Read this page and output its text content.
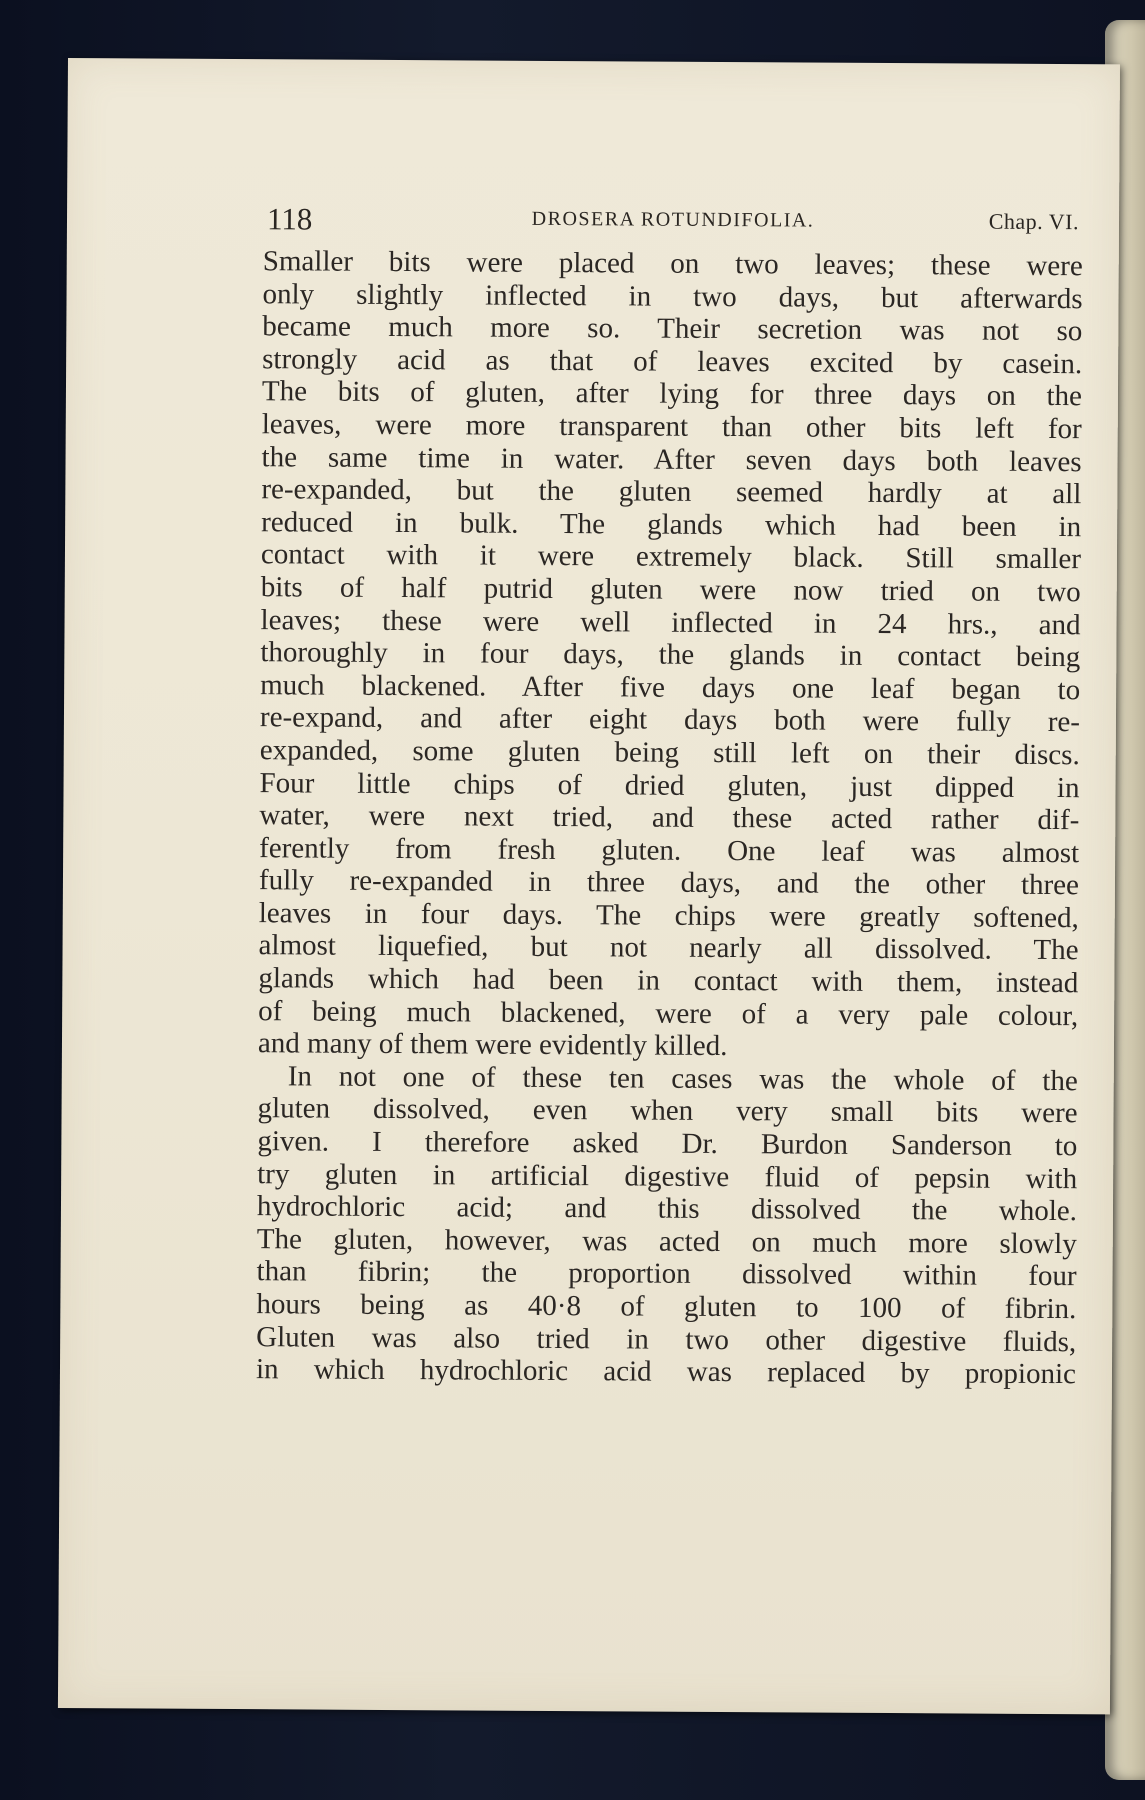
118	DROSERA ROTUNDIFOLIA.	Chap. VI.
Smaller bits were placed on two leaves; these were
only slightly inflected in two days, but afterwards
became much more so. Their secretion was not so
strongly acid as that of leaves excited by casein.
The bits of gluten, after lying for three days on the
leaves, were more transparent than other bits left for
the same time in water. After seven days both leaves
re-expanded, but the gluten seemed hardly at all
reduced in bulk. The glands which had been in
contact with it were extremely black. Still smaller
bits of half putrid gluten were now tried on two
leaves; these were well inflected in 24 hrs., and
thoroughly in four days, the glands in contact being
much blackened. After five days one leaf began to
re-expand, and after eight days both were fully re-
expanded, some gluten being still left on their discs.
Four little chips of dried gluten, just dipped in
water, were next tried, and these acted rather dif-
ferently from fresh gluten. One leaf was almost
fully re-expanded in three days, and the other three
leaves in four days. The chips were greatly softened,
almost liquefied, but not nearly all dissolved. The
glands which had been in contact with them, instead
of being much blackened, were of a very pale colour,
and many of them were evidently killed.
In not one of these ten cases was the whole of the
gluten dissolved, even when very small bits were
given. I therefore asked Dr. Burdon Sanderson to
try gluten in artificial digestive fluid of pepsin with
hydrochloric acid; and this dissolved the whole.
The gluten, however, was acted on much more slowly
than fibrin; the proportion dissolved within four
hours being as 40·8 of gluten to 100 of fibrin.
Gluten was also tried in two other digestive fluids,
in which hydrochloric acid was replaced by propionic
